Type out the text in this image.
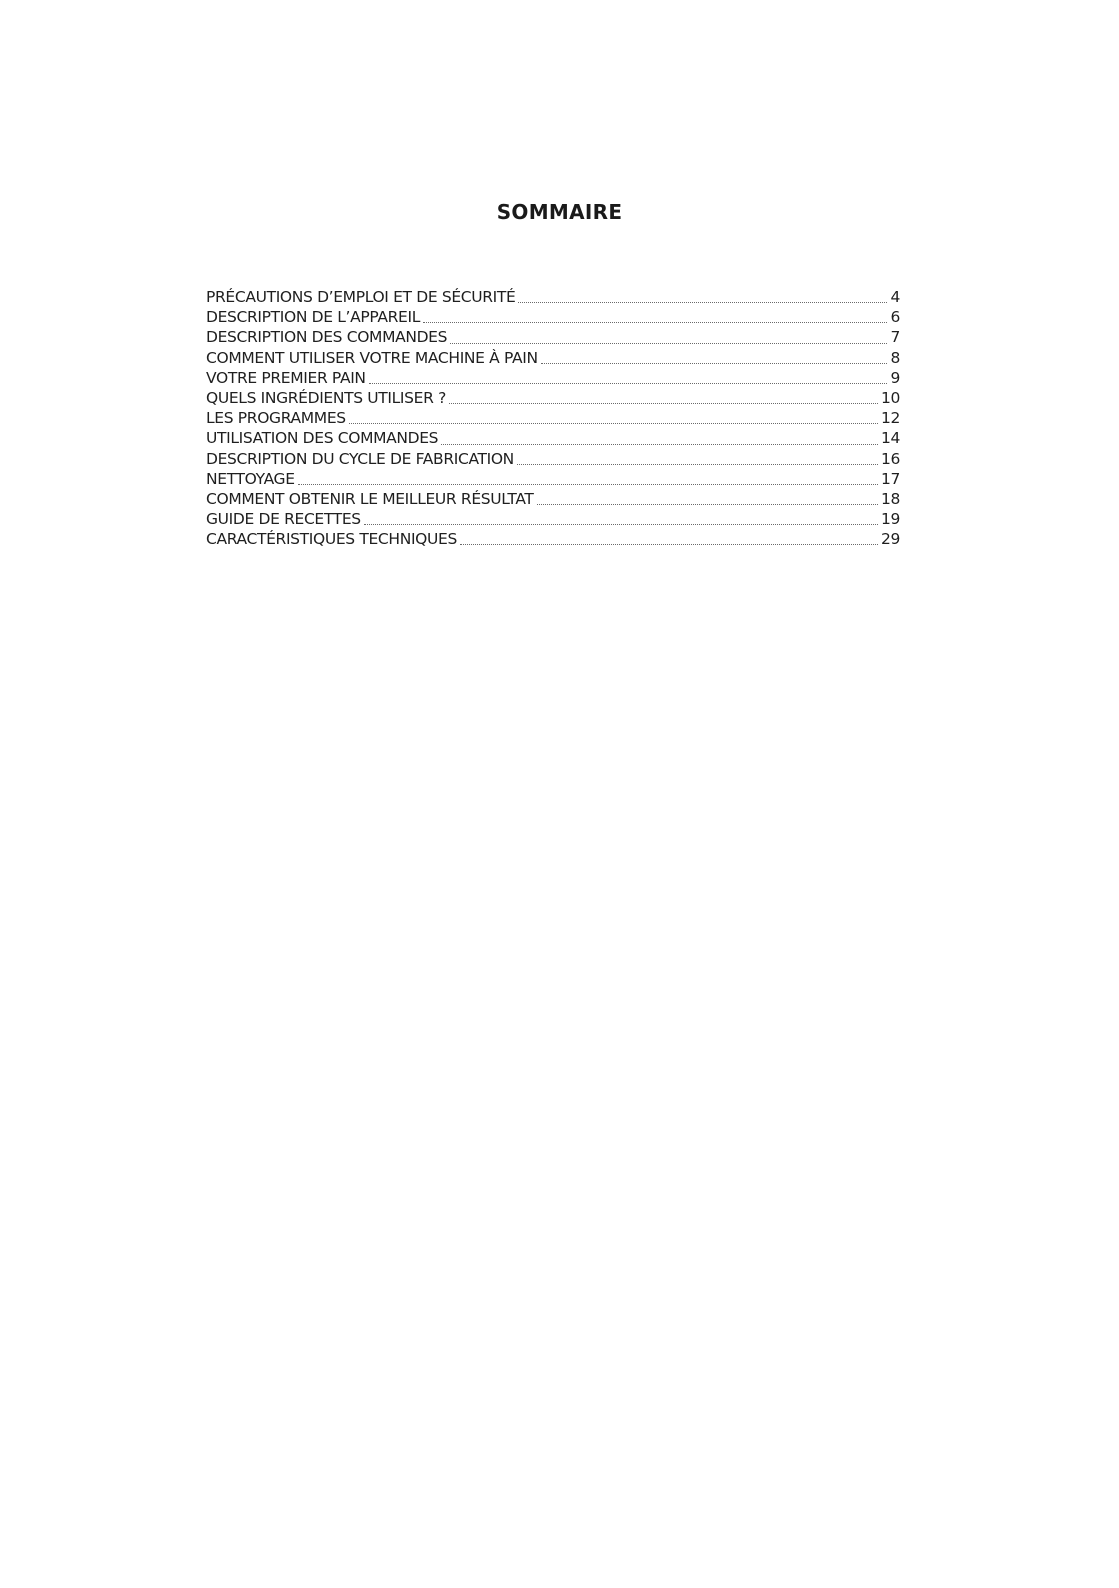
SOMMAIRE
PRÉCAUTIONS D’EMPLOI ET DE SÉCURITÉ	4
DESCRIPTION DE L’APPAREIL	6
DESCRIPTION DES COMMANDES	7
COMMENT UTILISER VOTRE MACHINE À PAIN	8
VOTRE PREMIER PAIN	9
QUELS INGRÉDIENTS UTILISER ?	10
LES PROGRAMMES	12
UTILISATION DES COMMANDES	14
DESCRIPTION DU CYCLE DE FABRICATION	16
NETTOYAGE	17
COMMENT OBTENIR LE MEILLEUR RÉSULTAT	18
GUIDE DE RECETTES	19
CARACTÉRISTIQUES TECHNIQUES	29
